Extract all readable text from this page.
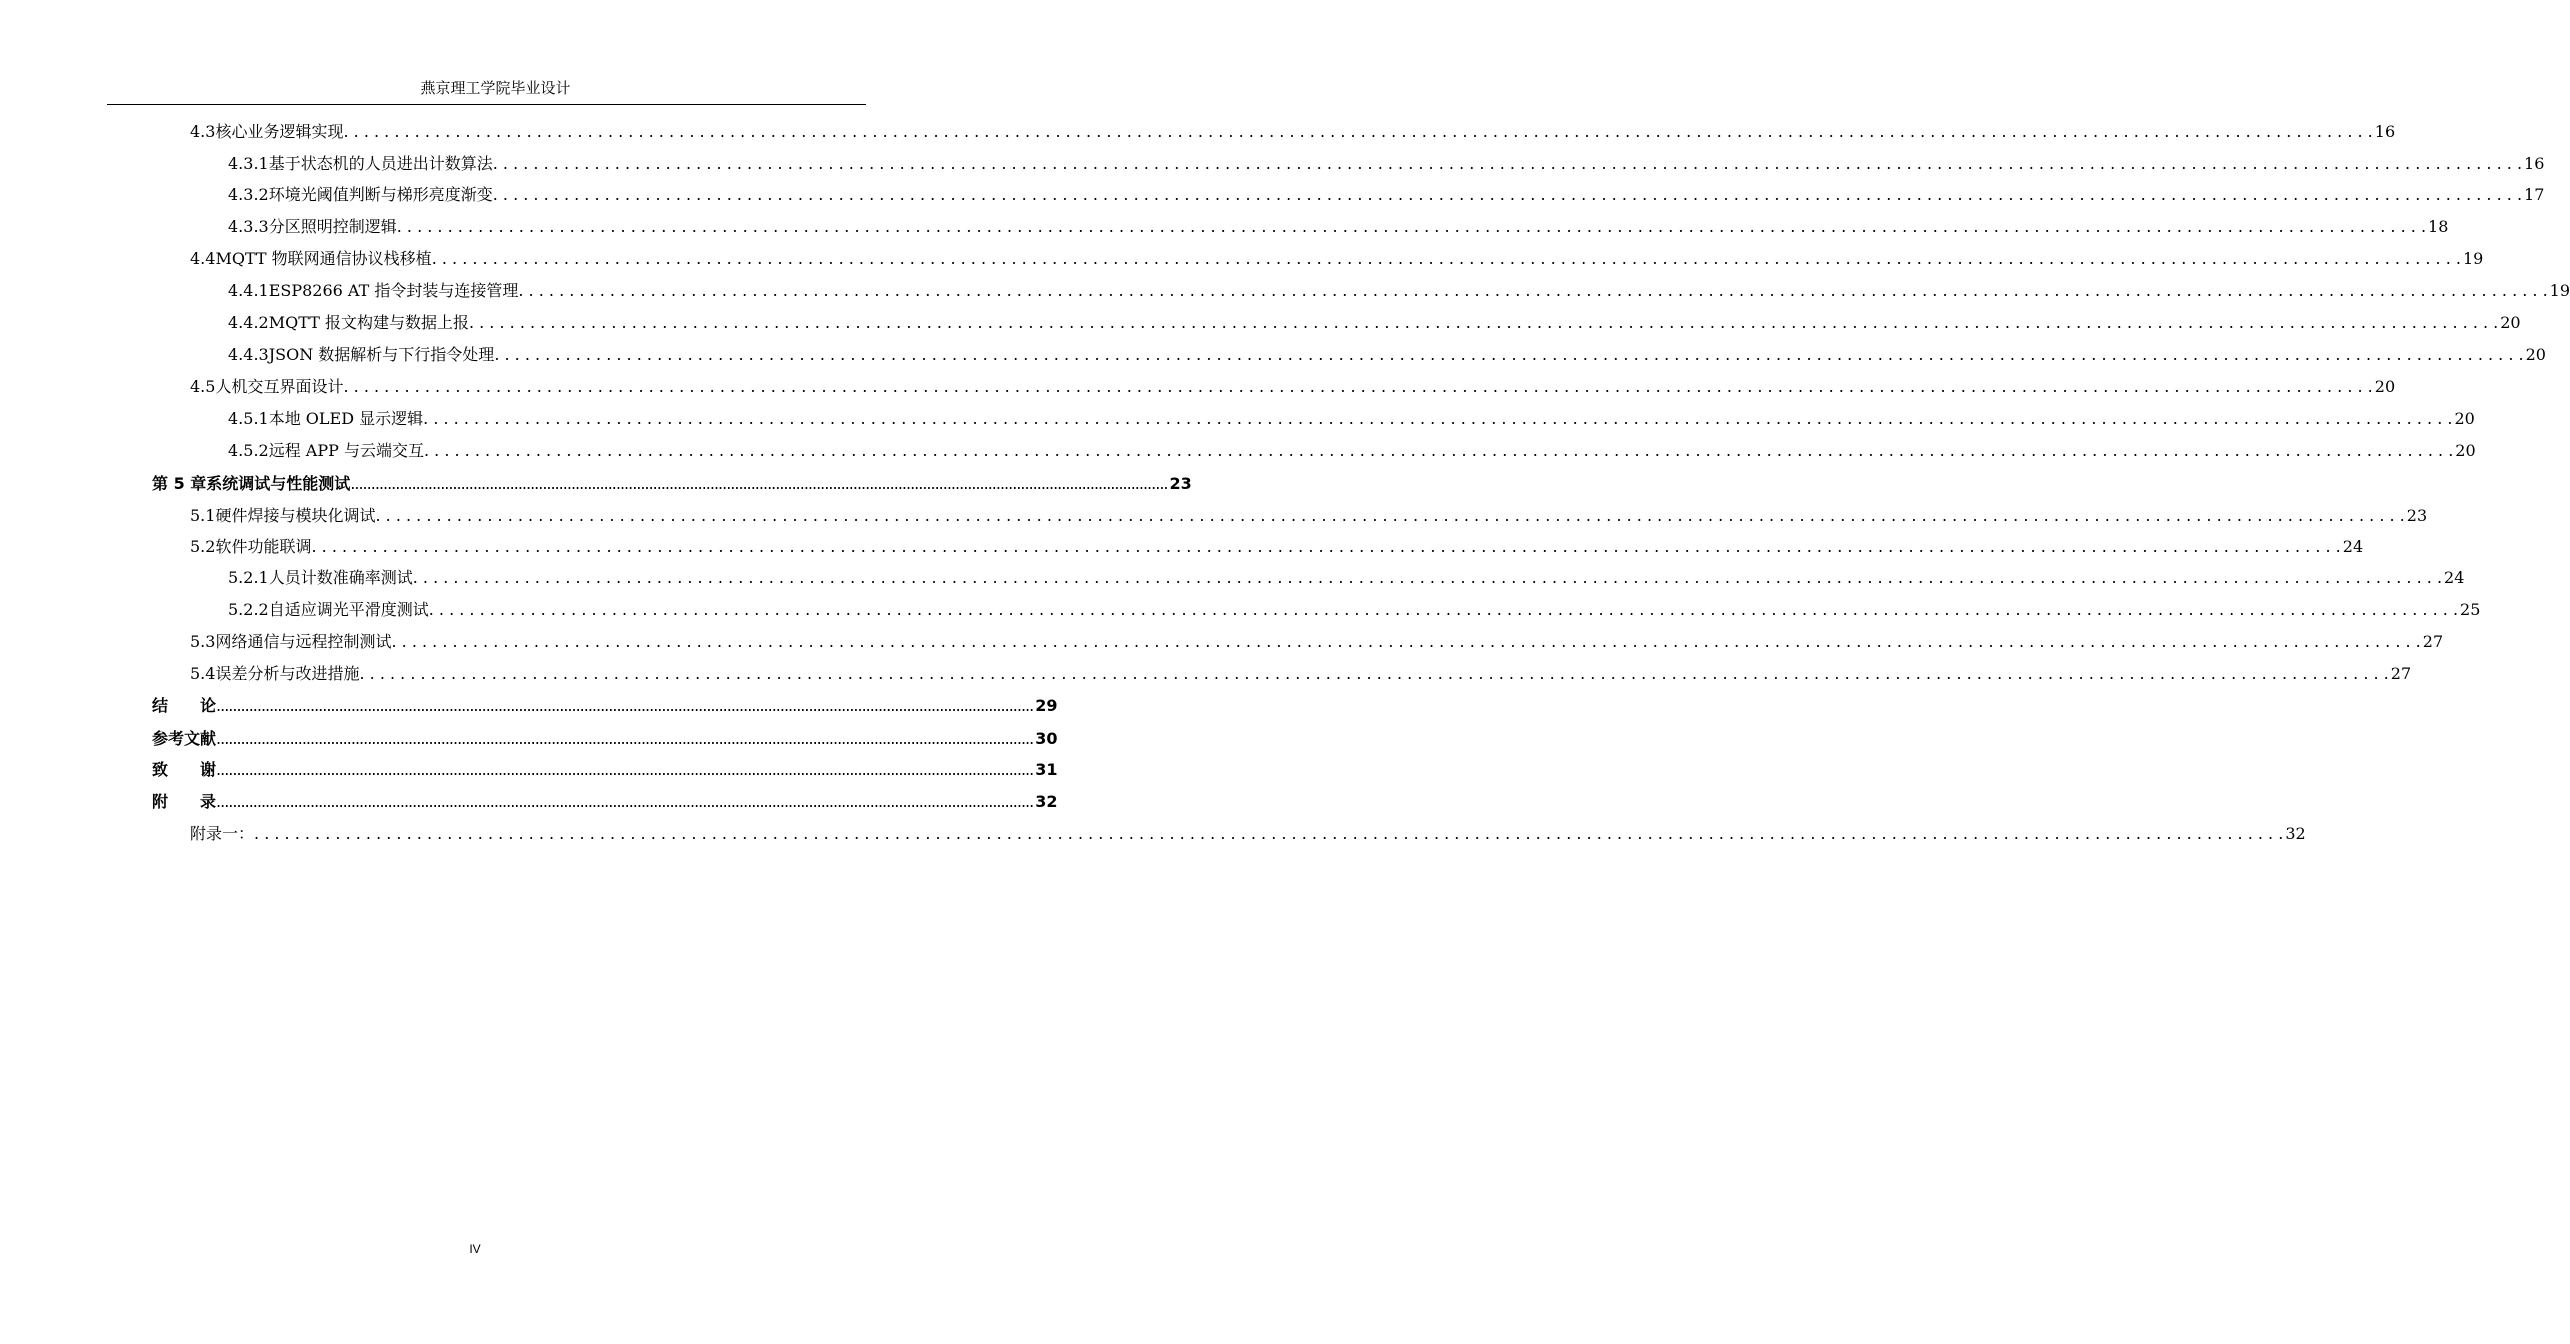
燕京理工学院毕业设计
4.3 核心业务逻辑实现 . . . . . . . . . . . . . . . . . . . . . . . . . . . . . . . . . . . . . . . . . . . . . . . . . . . . . . . . . . . . . . . . . . . . . . . . . . . . . . . . . . . . . . . . . . . . . . . . . . . . . . . . . . . . . . . . . . . . . . . . . . . . . . . . . . . . . . . . . . . . . . . . . . . . . . . . . . . . . . . . . . . . . . . . . . . . . . . . . . . . . . . . . . . . . . . . . . . . . . . . 16
4.3.1 基于状态机的人员进出计数算法 . . . . . . . . . . . . . . . . . . . . . . . . . . . . . . . . . . . . . . . . . . . . . . . . . . . . . . . . . . . . . . . . . . . . . . . . . . . . . . . . . . . . . . . . . . . . . . . . . . . . . . . . . . . . . . . . . . . . . . . . . . . . . . . . . . . . . . . . . . . . . . . . . . . . . . . . . . . . . . . . . . . . . . . . . . . . . . . . . . . . . . . . . . . . . . . . . . . . . . . . 16
4.3.2 环境光阈值判断与梯形亮度渐变 . . . . . . . . . . . . . . . . . . . . . . . . . . . . . . . . . . . . . . . . . . . . . . . . . . . . . . . . . . . . . . . . . . . . . . . . . . . . . . . . . . . . . . . . . . . . . . . . . . . . . . . . . . . . . . . . . . . . . . . . . . . . . . . . . . . . . . . . . . . . . . . . . . . . . . . . . . . . . . . . . . . . . . . . . . . . . . . . . . . . . . . . . . . . . . . . . . . . . . . . 17
4.3.3 分区照明控制逻辑 . . . . . . . . . . . . . . . . . . . . . . . . . . . . . . . . . . . . . . . . . . . . . . . . . . . . . . . . . . . . . . . . . . . . . . . . . . . . . . . . . . . . . . . . . . . . . . . . . . . . . . . . . . . . . . . . . . . . . . . . . . . . . . . . . . . . . . . . . . . . . . . . . . . . . . . . . . . . . . . . . . . . . . . . . . . . . . . . . . . . . . . . . . . . . . . . . . . . . . . . 18
4.4 MQTT 物联网通信协议栈移植 . . . . . . . . . . . . . . . . . . . . . . . . . . . . . . . . . . . . . . . . . . . . . . . . . . . . . . . . . . . . . . . . . . . . . . . . . . . . . . . . . . . . . . . . . . . . . . . . . . . . . . . . . . . . . . . . . . . . . . . . . . . . . . . . . . . . . . . . . . . . . . . . . . . . . . . . . . . . . . . . . . . . . . . . . . . . . . . . . . . . . . . . . . . . . . . . . . . . . . . . 19
4.4.1 ESP8266 AT 指令封装与连接管理 . . . . . . . . . . . . . . . . . . . . . . . . . . . . . . . . . . . . . . . . . . . . . . . . . . . . . . . . . . . . . . . . . . . . . . . . . . . . . . . . . . . . . . . . . . . . . . . . . . . . . . . . . . . . . . . . . . . . . . . . . . . . . . . . . . . . . . . . . . . . . . . . . . . . . . . . . . . . . . . . . . . . . . . . . . . . . . . . . . . . . . . . . . . . . . . . . . . . . . . . 19
4.4.2 MQTT 报文构建与数据上报 . . . . . . . . . . . . . . . . . . . . . . . . . . . . . . . . . . . . . . . . . . . . . . . . . . . . . . . . . . . . . . . . . . . . . . . . . . . . . . . . . . . . . . . . . . . . . . . . . . . . . . . . . . . . . . . . . . . . . . . . . . . . . . . . . . . . . . . . . . . . . . . . . . . . . . . . . . . . . . . . . . . . . . . . . . . . . . . . . . . . . . . . . . . . . . . . . . . . . . . . 20
4.4.3 JSON 数据解析与下行指令处理 . . . . . . . . . . . . . . . . . . . . . . . . . . . . . . . . . . . . . . . . . . . . . . . . . . . . . . . . . . . . . . . . . . . . . . . . . . . . . . . . . . . . . . . . . . . . . . . . . . . . . . . . . . . . . . . . . . . . . . . . . . . . . . . . . . . . . . . . . . . . . . . . . . . . . . . . . . . . . . . . . . . . . . . . . . . . . . . . . . . . . . . . . . . . . . . . . . . . . . . . 20
4.5 人机交互界面设计 . . . . . . . . . . . . . . . . . . . . . . . . . . . . . . . . . . . . . . . . . . . . . . . . . . . . . . . . . . . . . . . . . . . . . . . . . . . . . . . . . . . . . . . . . . . . . . . . . . . . . . . . . . . . . . . . . . . . . . . . . . . . . . . . . . . . . . . . . . . . . . . . . . . . . . . . . . . . . . . . . . . . . . . . . . . . . . . . . . . . . . . . . . . . . . . . . . . . . . . . 20
4.5.1 本地 OLED 显示逻辑 . . . . . . . . . . . . . . . . . . . . . . . . . . . . . . . . . . . . . . . . . . . . . . . . . . . . . . . . . . . . . . . . . . . . . . . . . . . . . . . . . . . . . . . . . . . . . . . . . . . . . . . . . . . . . . . . . . . . . . . . . . . . . . . . . . . . . . . . . . . . . . . . . . . . . . . . . . . . . . . . . . . . . . . . . . . . . . . . . . . . . . . . . . . . . . . . . . . . . . . . 20
4.5.2 远程 APP 与云端交互 . . . . . . . . . . . . . . . . . . . . . . . . . . . . . . . . . . . . . . . . . . . . . . . . . . . . . . . . . . . . . . . . . . . . . . . . . . . . . . . . . . . . . . . . . . . . . . . . . . . . . . . . . . . . . . . . . . . . . . . . . . . . . . . . . . . . . . . . . . . . . . . . . . . . . . . . . . . . . . . . . . . . . . . . . . . . . . . . . . . . . . . . . . . . . . . . . . . . . . . . 20
第 5 章 系统调试与性能测试 ........................................................................................................................................................................................................ 23
5.1 硬件焊接与模块化调试 . . . . . . . . . . . . . . . . . . . . . . . . . . . . . . . . . . . . . . . . . . . . . . . . . . . . . . . . . . . . . . . . . . . . . . . . . . . . . . . . . . . . . . . . . . . . . . . . . . . . . . . . . . . . . . . . . . . . . . . . . . . . . . . . . . . . . . . . . . . . . . . . . . . . . . . . . . . . . . . . . . . . . . . . . . . . . . . . . . . . . . . . . . . . . . . . . . . . . . . . 23
5.2 软件功能联调 . . . . . . . . . . . . . . . . . . . . . . . . . . . . . . . . . . . . . . . . . . . . . . . . . . . . . . . . . . . . . . . . . . . . . . . . . . . . . . . . . . . . . . . . . . . . . . . . . . . . . . . . . . . . . . . . . . . . . . . . . . . . . . . . . . . . . . . . . . . . . . . . . . . . . . . . . . . . . . . . . . . . . . . . . . . . . . . . . . . . . . . . . . . . . . . . . . . . . . . . 24
5.2.1 人员计数准确率测试 . . . . . . . . . . . . . . . . . . . . . . . . . . . . . . . . . . . . . . . . . . . . . . . . . . . . . . . . . . . . . . . . . . . . . . . . . . . . . . . . . . . . . . . . . . . . . . . . . . . . . . . . . . . . . . . . . . . . . . . . . . . . . . . . . . . . . . . . . . . . . . . . . . . . . . . . . . . . . . . . . . . . . . . . . . . . . . . . . . . . . . . . . . . . . . . . . . . . . . . . 24
5.2.2 自适应调光平滑度测试 . . . . . . . . . . . . . . . . . . . . . . . . . . . . . . . . . . . . . . . . . . . . . . . . . . . . . . . . . . . . . . . . . . . . . . . . . . . . . . . . . . . . . . . . . . . . . . . . . . . . . . . . . . . . . . . . . . . . . . . . . . . . . . . . . . . . . . . . . . . . . . . . . . . . . . . . . . . . . . . . . . . . . . . . . . . . . . . . . . . . . . . . . . . . . . . . . . . . . . . . 25
5.3 网络通信与远程控制测试 . . . . . . . . . . . . . . . . . . . . . . . . . . . . . . . . . . . . . . . . . . . . . . . . . . . . . . . . . . . . . . . . . . . . . . . . . . . . . . . . . . . . . . . . . . . . . . . . . . . . . . . . . . . . . . . . . . . . . . . . . . . . . . . . . . . . . . . . . . . . . . . . . . . . . . . . . . . . . . . . . . . . . . . . . . . . . . . . . . . . . . . . . . . . . . . . . . . . . . . . 27
5.4 误差分析与改进措施 . . . . . . . . . . . . . . . . . . . . . . . . . . . . . . . . . . . . . . . . . . . . . . . . . . . . . . . . . . . . . . . . . . . . . . . . . . . . . . . . . . . . . . . . . . . . . . . . . . . . . . . . . . . . . . . . . . . . . . . . . . . . . . . . . . . . . . . . . . . . . . . . . . . . . . . . . . . . . . . . . . . . . . . . . . . . . . . . . . . . . . . . . . . . . . . . . . . . . . . . 27
结　　论 ........................................................................................................................................................................................................ 29
参考文献 ........................................................................................................................................................................................................ 30
致　　谢 ........................................................................................................................................................................................................ 31
附　　录 ........................................................................................................................................................................................................ 32
附录一： . . . . . . . . . . . . . . . . . . . . . . . . . . . . . . . . . . . . . . . . . . . . . . . . . . . . . . . . . . . . . . . . . . . . . . . . . . . . . . . . . . . . . . . . . . . . . . . . . . . . . . . . . . . . . . . . . . . . . . . . . . . . . . . . . . . . . . . . . . . . . . . . . . . . . . . . . . . . . . . . . . . . . . . . . . . . . . . . . . . . . . . . . . . . . . . . . . . . . . . . 32
IV
